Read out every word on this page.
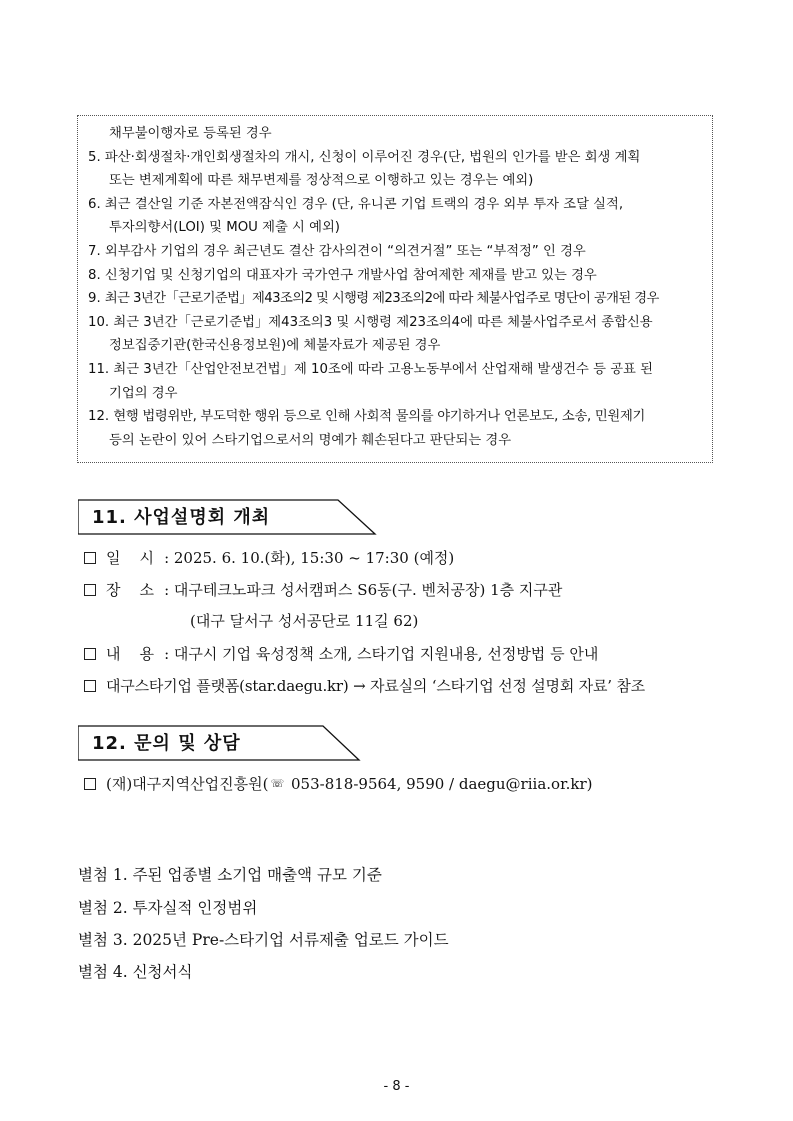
채무불이행자로 등록된 경우
5. 파산·회생절차·개인회생절차의 개시, 신청이 이루어진 경우(단, 법원의 인가를 받은 회생 계획
또는 변제계획에 따른 채무변제를 정상적으로 이행하고 있는 경우는 예외)
6. 최근 결산일 기준 자본전액잠식인 경우 (단, 유니콘 기업 트랙의 경우 외부 투자 조달 실적,
투자의향서(LOI) 및 MOU 제출 시 예외)
7. 외부감사 기업의 경우 최근년도 결산 감사의견이 “의견거절” 또는 “부적정” 인 경우
8. 신청기업 및 신청기업의 대표자가 국가연구 개발사업 참여제한 제재를 받고 있는 경우
9. 최근 3년간「근로기준법」제43조의2 및 시행령 제23조의2에 따라 체불사업주로 명단이 공개된 경우
10. 최근 3년간「근로기준법」제43조의3 및 시행령 제23조의4에 따른 체불사업주로서 종합신용
정보집중기관(한국신용정보원)에 체불자료가 제공된 경우
11. 최근 3년간「산업안전보건법」제 10조에 따라 고용노동부에서 산업재해 발생건수 등 공표 된
기업의 경우
12. 현행 법령위반, 부도덕한 행위 등으로 인해 사회적 물의를 야기하거나 언론보도, 소송, 민원제기
등의 논란이 있어 스타기업으로서의 명예가 훼손된다고 판단되는 경우
11. 사업설명회 개최
일    시 : 2025. 6. 10.(화), 15:30 ~ 17:30 (예정)
장    소 : 대구테크노파크 성서캠퍼스 S6동(구. 벤처공장) 1층 지구관
(대구 달서구 성서공단로 11길 62)
내    용 : 대구시 기업 육성정책 소개, 스타기업 지원내용, 선정방법 등 안내
대구스타기업 플랫폼(star.daegu.kr) → 자료실의 ‘스타기업 선정 설명회 자료’ 참조
12. 문의 및 상담
(재)대구지역산업진흥원( ☏ 053-818-9564, 9590 / daegu@riia.or.kr)
별첨 1. 주된 업종별 소기업 매출액 규모 기준
별첨 2. 투자실적 인정범위
별첨 3. 2025년 Pre-스타기업 서류제출 업로드 가이드
별첨 4. 신청서식
- 8 -
